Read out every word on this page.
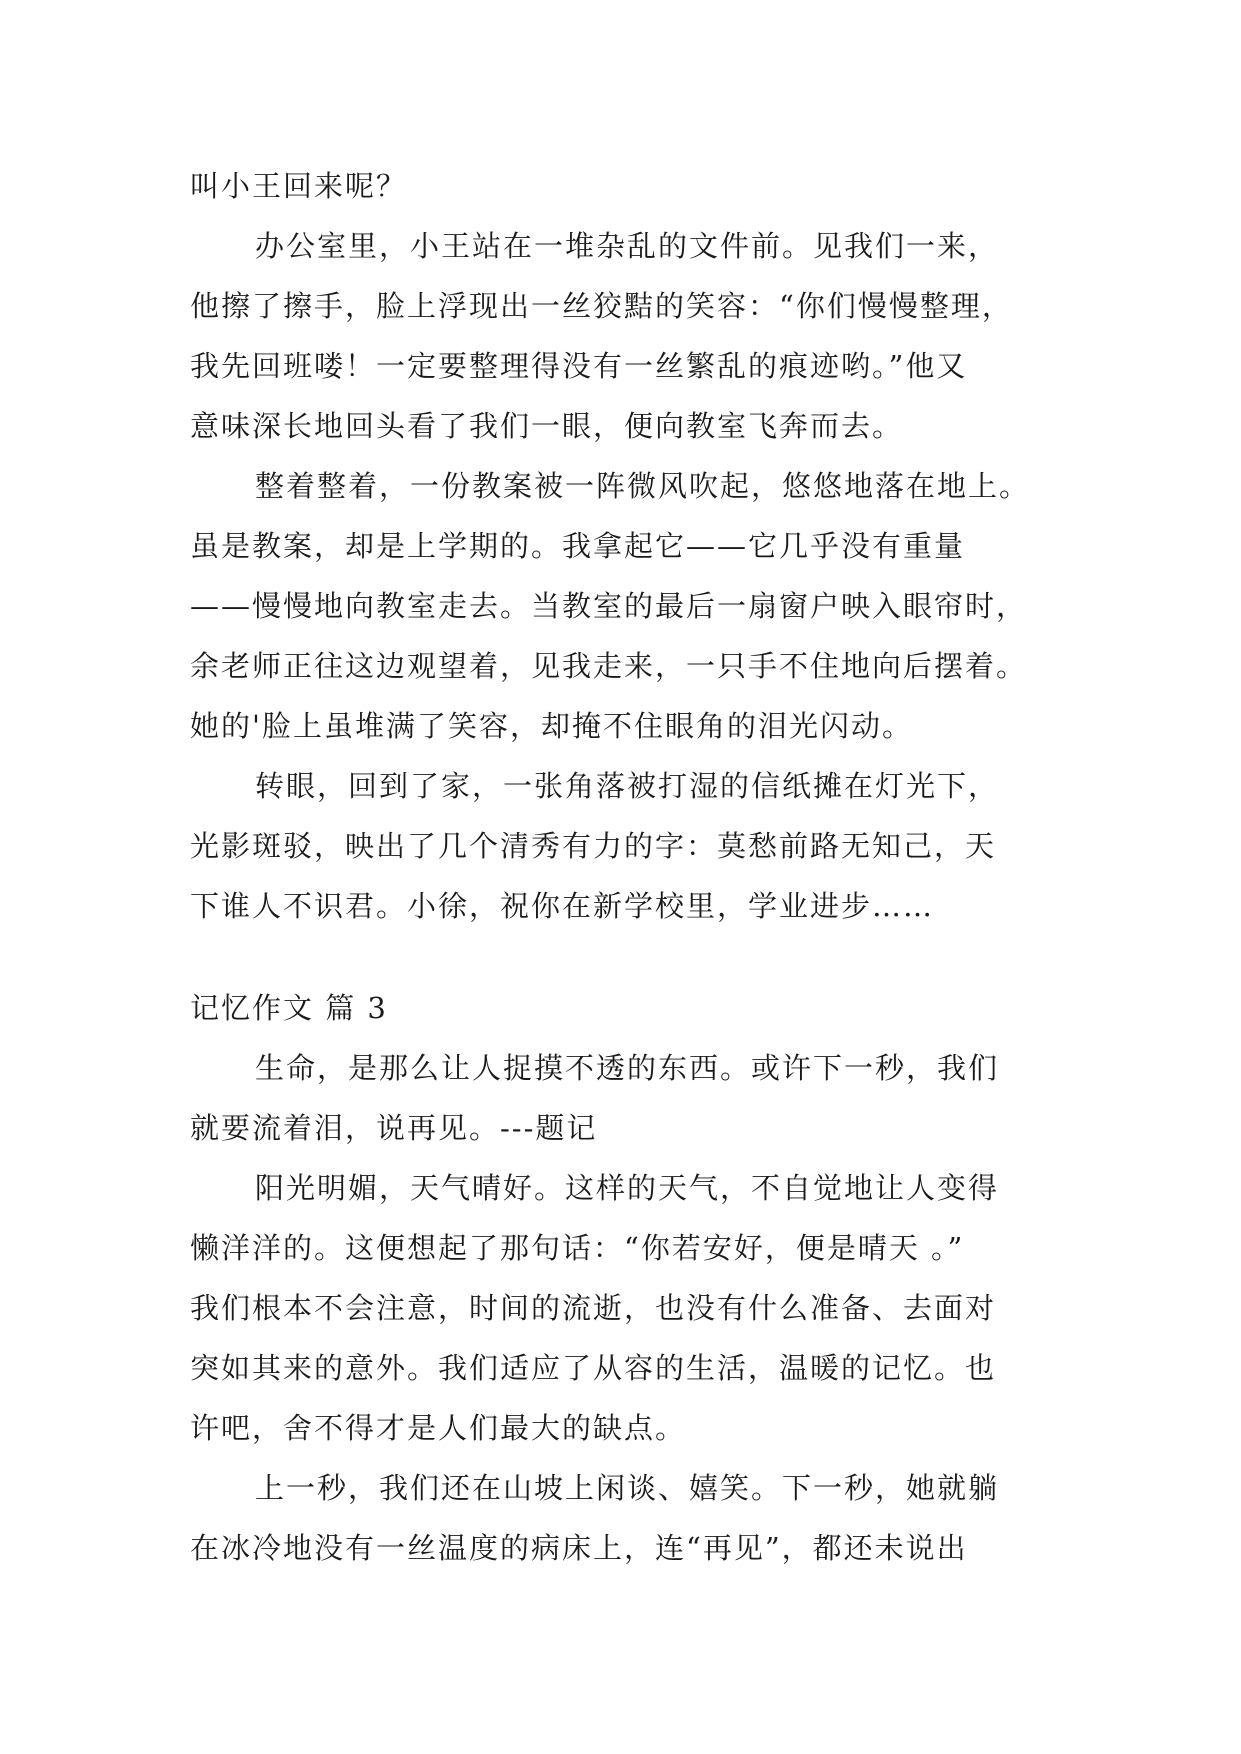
叫小王回来呢？
办公室里，小王站在一堆杂乱的文件前。见我们一来，
他擦了擦手，脸上浮现出一丝狡黠的笑容：“你们慢慢整理，
我先回班喽！一定要整理得没有一丝繁乱的痕迹哟。”他又
意味深长地回头看了我们一眼，便向教室飞奔而去。
整着整着，一份教案被一阵微风吹起，悠悠地落在地上。
虽是教案，却是上学期的。我拿起它——它几乎没有重量
——慢慢地向教室走去。当教室的最后一扇窗户映入眼帘时，
余老师正往这边观望着，见我走来，一只手不住地向后摆着。
她的'脸上虽堆满了笑容，却掩不住眼角的泪光闪动。
转眼，回到了家，一张角落被打湿的信纸摊在灯光下，
光影斑驳，映出了几个清秀有力的字：莫愁前路无知己，天
下谁人不识君。小徐，祝你在新学校里，学业进步……
记忆作文 篇 3
生命，是那么让人捉摸不透的东西。或许下一秒，我们
就要流着泪，说再见。---题记
阳光明媚，天气晴好。这样的天气，不自觉地让人变得
懒洋洋的。这便想起了那句话：“你若安好，便是晴天 。”
我们根本不会注意，时间的流逝，也没有什么准备、去面对
突如其来的意外。我们适应了从容的生活，温暖的记忆。也
许吧，舍不得才是人们最大的缺点。
上一秒，我们还在山坡上闲谈、嬉笑。下一秒，她就躺
在冰冷地没有一丝温度的病床上，连“再见”，都还未说出
